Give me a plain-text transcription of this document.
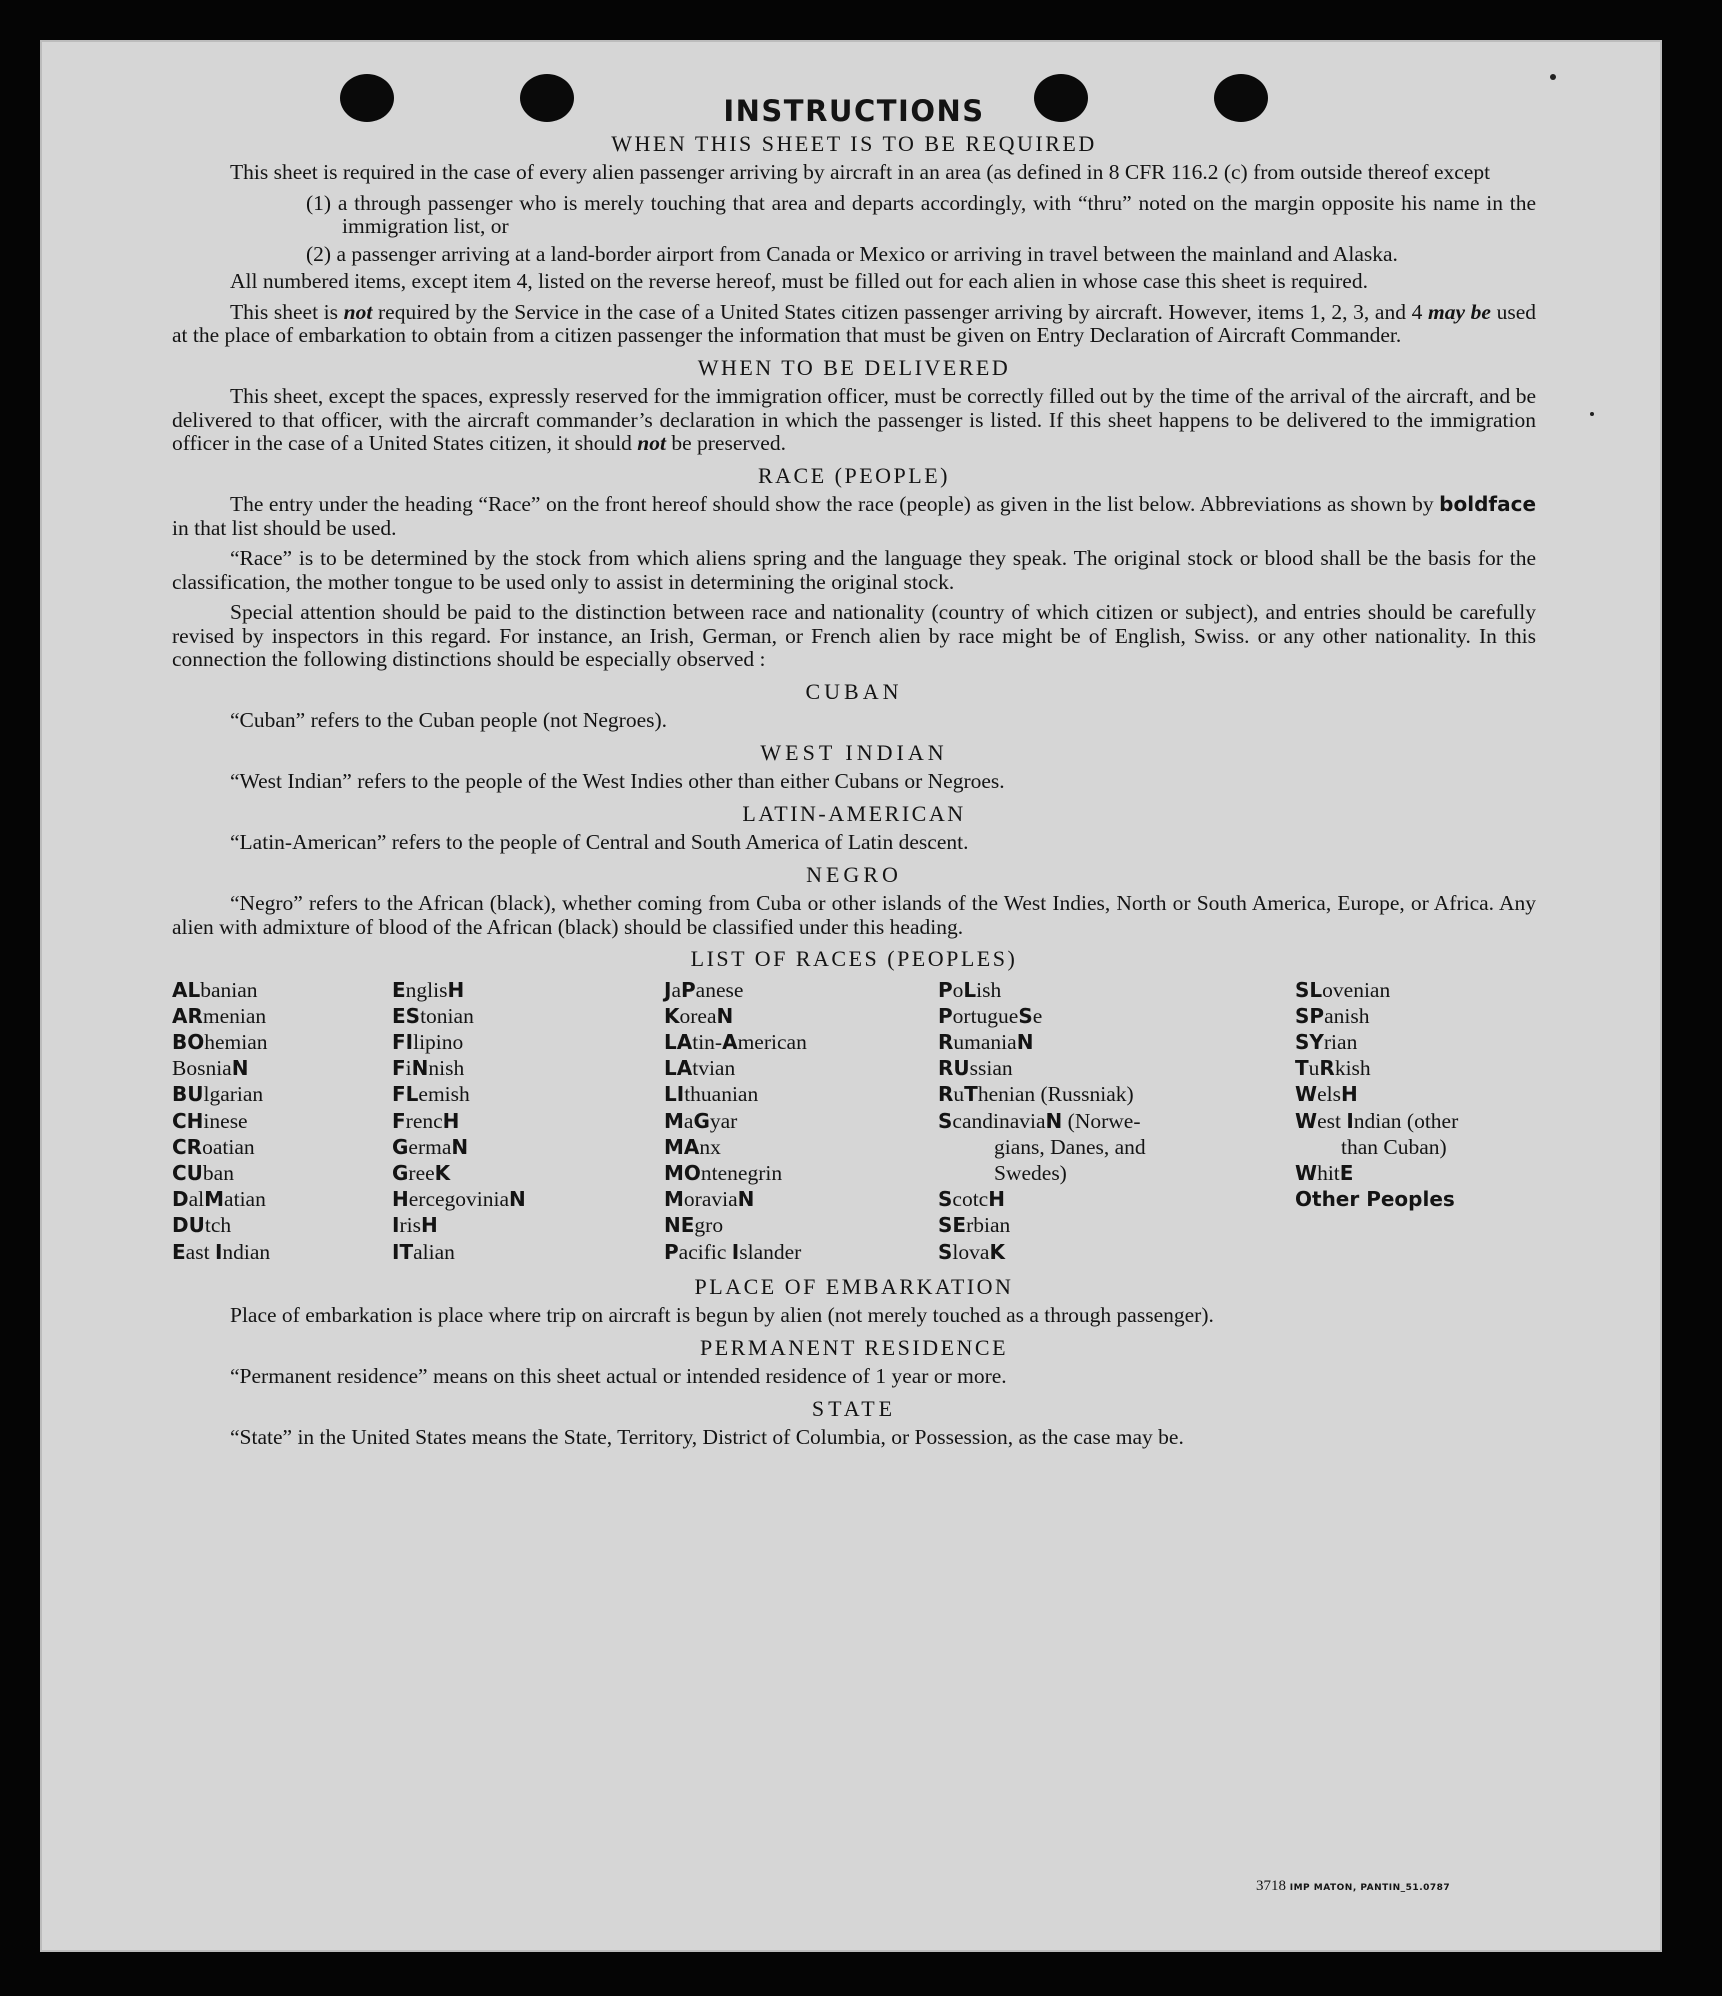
INSTRUCTIONS
WHEN THIS SHEET IS TO BE REQUIRED

This sheet is required in the case of every alien passenger arriving by aircraft in an area (as defined in 8 CFR 116.2 (c) from outside thereof except

(1) a through passenger who is merely touching that area and departs accordingly, with “thru” noted on the margin opposite his name in the immigration list, or

(2) a passenger arriving at a land-border airport from Canada or Mexico or arriving in travel between the mainland and Alaska.

All numbered items, except item 4, listed on the reverse hereof, must be filled out for each alien in whose case this sheet is required.

This sheet is not required by the Service in the case of a United States citizen passenger arriving by aircraft. However, items 1, 2, 3, and 4 may be used at the place of embarkation to obtain from a citizen passenger the information that must be given on Entry Declaration of Aircraft Commander.

WHEN TO BE DELIVERED

This sheet, except the spaces, expressly reserved for the immigration officer, must be correctly filled out by the time of the arrival of the aircraft, and be delivered to that officer, with the aircraft commander’s declaration in which the passenger is listed. If this sheet happens to be delivered to the immigration officer in the case of a United States citizen, it should not be preserved.

RACE (PEOPLE)

The entry under the heading “Race” on the front hereof should show the race (people) as given in the list below. Abbreviations as shown by boldface in that list should be used.

“Race” is to be determined by the stock from which aliens spring and the language they speak. The original stock or blood shall be the basis for the classification, the mother tongue to be used only to assist in determining the original stock.

Special attention should be paid to the distinction between race and nationality (country of which citizen or subject), and entries should be carefully revised by inspectors in this regard. For instance, an Irish, German, or French alien by race might be of English, Swiss. or any other nationality. In this connection the following distinctions should be especially observed :

CUBAN

“Cuban” refers to the Cuban people (not Negroes).

WEST INDIAN

“West Indian” refers to the people of the West Indies other than either Cubans or Negroes.

LATIN-AMERICAN

“Latin-American” refers to the people of Central and South America of Latin descent.

NEGRO

“Negro” refers to the African (black), whether coming from Cuba or other islands of the West Indies, North or South America, Europe, or Africa. Any alien with admixture of blood of the African (black) should be classified under this heading.

LIST OF RACES (PEOPLES)
ALbanian
ARmenian
BOhemian
BosniaN
BUlgarian
CHinese
CRoatian
CUban
DalMatian
DUtch
East Indian
EnglisH
EStonian
FIlipino
FiNnish
FLemish
FrencH
GermaN
GreeK
HercegoviniaN
IrisH
ITalian
JaPanese
KoreaN
LAtin-American
LAtvian
LIthuanian
MaGyar
MAnx
MOntenegrin
MoraviaN
NEgro
Pacific Islander
PoLish
PortugueSe
RumaniaN
RUssian
RuThenian (Russniak)
ScandinaviaN (Norwe-
gians, Danes, and
Swedes)
ScotcH
SErbian
SlovaK
SLovenian
SPanish
SYrian
TuRkish
WelsH
West Indian (other
than Cuban)
WhitE
Other Peoples
PLACE OF EMBARKATION

Place of embarkation is place where trip on aircraft is begun by alien (not merely touched as a through passenger).

PERMANENT RESIDENCE

“Permanent residence” means on this sheet actual or intended residence of 1 year or more.

STATE

“State” in the United States means the State, Territory, District of Columbia, or Possession, as the case may be.

3718 IMP MATON, PANTIN_51.0787
